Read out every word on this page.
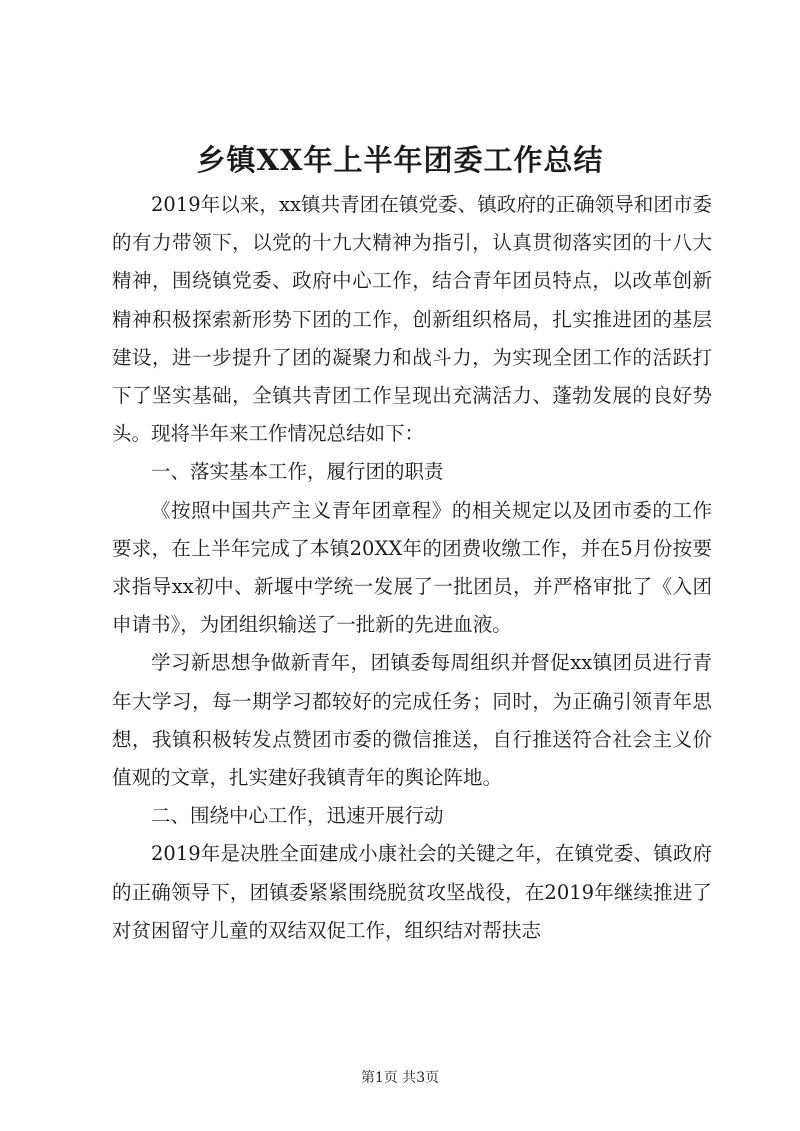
乡镇XX年上半年团委工作总结

2019年以来，xx镇共青团在镇党委、镇政府的正确领导和团市委的有力带领下，以党的十九大精神为指引，认真贯彻落实团的十八大精神，围绕镇党委、政府中心工作，结合青年团员特点，以改革创新精神积极探索新形势下团的工作，创新组织格局，扎实推进团的基层建设，进一步提升了团的凝聚力和战斗力，为实现全团工作的活跃打下了坚实基础，全镇共青团工作呈现出充满活力、蓬勃发展的良好势头。现将半年来工作情况总结如下：

一、落实基本工作，履行团的职责

《按照中国共产主义青年团章程》的相关规定以及团市委的工作要求，在上半年完成了本镇20XX年的团费收缴工作，并在5月份按要求指导xx初中、新堰中学统一发展了一批团员，并严格审批了《入团申请书》，为团组织输送了一批新的先进血液。

学习新思想争做新青年，团镇委每周组织并督促xx镇团员进行青年大学习，每一期学习都较好的完成任务；同时，为正确引领青年思想，我镇积极转发点赞团市委的微信推送，自行推送符合社会主义价值观的文章，扎实建好我镇青年的舆论阵地。

二、围绕中心工作，迅速开展行动

2019年是决胜全面建成小康社会的关键之年，在镇党委、镇政府的正确领导下，团镇委紧紧围绕脱贫攻坚战役，在2019年继续推进了对贫困留守儿童的双结双促工作，组织结对帮扶志

第1页 共3页
